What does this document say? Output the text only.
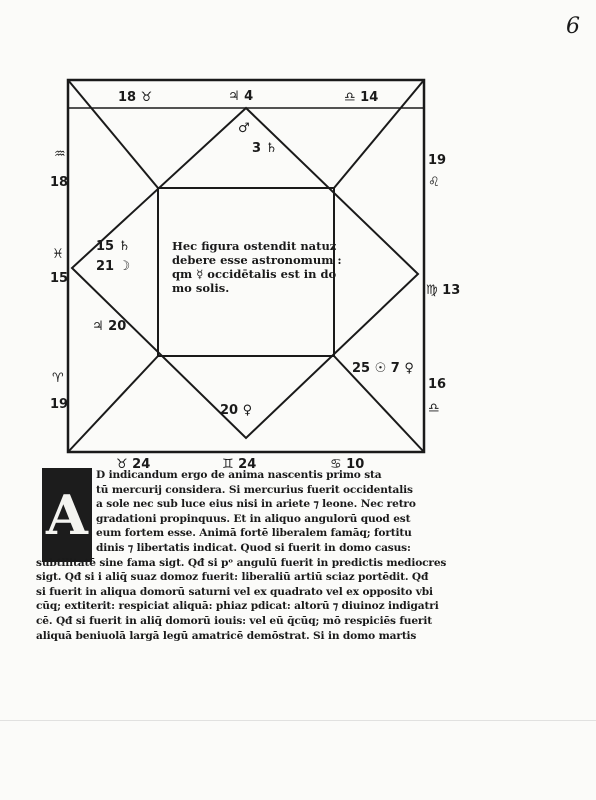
6
18 ♉	♃ 4	♎ 14
♒
18
♓
15
♈
19
19
♌
♍ 13
16
♎
♉ 24	♊ 24	♋ 10
♂
3 ♄
15 ♄
21 ☽
♃ 20
25 ☉ 7 ♀
20 ♀
Hec figura ostendit natuz
debere esse astronomum :
qm ☿ occidētalis est in do
mo solis.
A
D indicandum ergo de anima nascentis primo sta
tū mercurij considera. Si mercurius fuerit occidentalis
a sole nec sub luce eius nisi in ariete ⁊ leone. Nec retro
gradationi propinquus. Et in aliquo angulorū quod est
eum fortem esse. Animā fortē liberalem famāq; fortitu
dinis ⁊ libertatis indicat. Quod si fuerit in domo casus:
subtilitatē sine fama sigt. Qđ si pᵒ angulū fuerit in predictis mediocres
sigt. Qđ si i aliq̄ suaz domoz fuerit: liberaliū artiū sciaz portēdit. Qđ
si fuerit in aliqua domorū saturni vel ex quadrato vel ex opposito vbi
cūq; extiterit: respiciat aliquā: phiaz pdicat: altorū ⁊ diuinoz indigatri
cē. Qđ si fuerit in aliq̄ domorū iouis: vel eū q̄cūq; mō respiciēs fuerit
aliquā beniuolā largā legū amatricē demōstrat. Si in domo martis
